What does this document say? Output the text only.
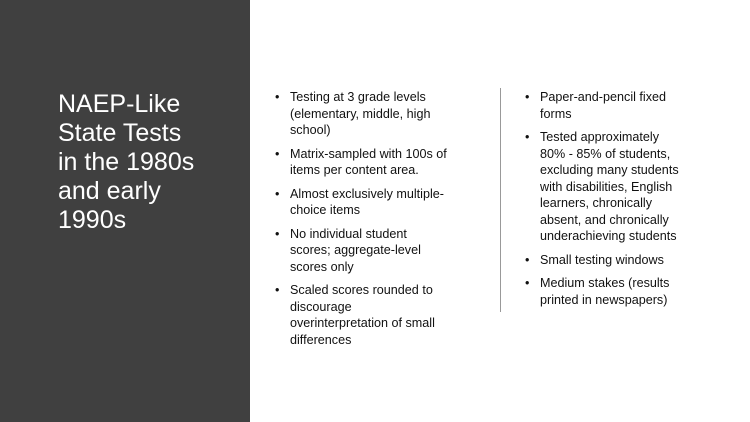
NAEP-Like
State Tests
in the 1980s
and early
1990s
• Testing at 3 grade levels
(elementary, middle, high
school)
• Matrix-sampled with 100s of
items per content area.
• Almost exclusively multiple-
choice items
• No individual student
scores; aggregate-level
scores only
• Scaled scores rounded to
discourage
overinterpretation of small
differences
• Paper-and-pencil fixed
forms
• Tested approximately
80% - 85% of students,
excluding many students
with disabilities, English
learners, chronically
absent, and chronically
underachieving students
• Small testing windows
• Medium stakes (results
printed in newspapers)
